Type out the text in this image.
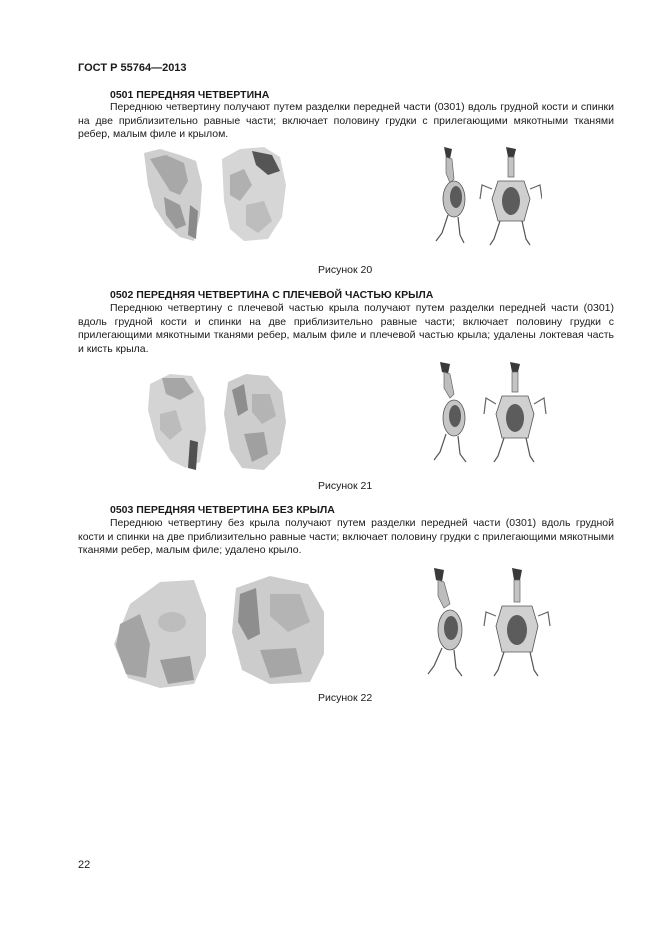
ГОСТ Р 55764—2013
0501 ПЕРЕДНЯЯ ЧЕТВЕРТИНА

Переднюю четвертину получают путем разделки передней части (0301) вдоль грудной кости и спинки на две приблизительно равные части; включает половину грудки с прилегающими мякотными тканями ребер, малым филе и крылом.

Рисунок 20
0502 ПЕРЕДНЯЯ ЧЕТВЕРТИНА С ПЛЕЧЕВОЙ ЧАСТЬЮ КРЫЛА

Переднюю четвертину с плечевой частью крыла получают путем разделки передней части (0301) вдоль грудной кости и спинки на две приблизительно равные части; включает половину грудки с прилегающими мякотными тканями ребер, малым филе и плечевой частью крыла; удалены локтевая часть и кисть крыла.

Рисунок 21
0503 ПЕРЕДНЯЯ ЧЕТВЕРТИНА БЕЗ КРЫЛА

Переднюю четвертину без крыла получают путем разделки передней части (0301) вдоль грудной кости и спинки на две приблизительно равные части; включает половину грудки с прилегающими мякотными тканями ребер, малым филе; удалено крыло.

Рисунок 22
22
